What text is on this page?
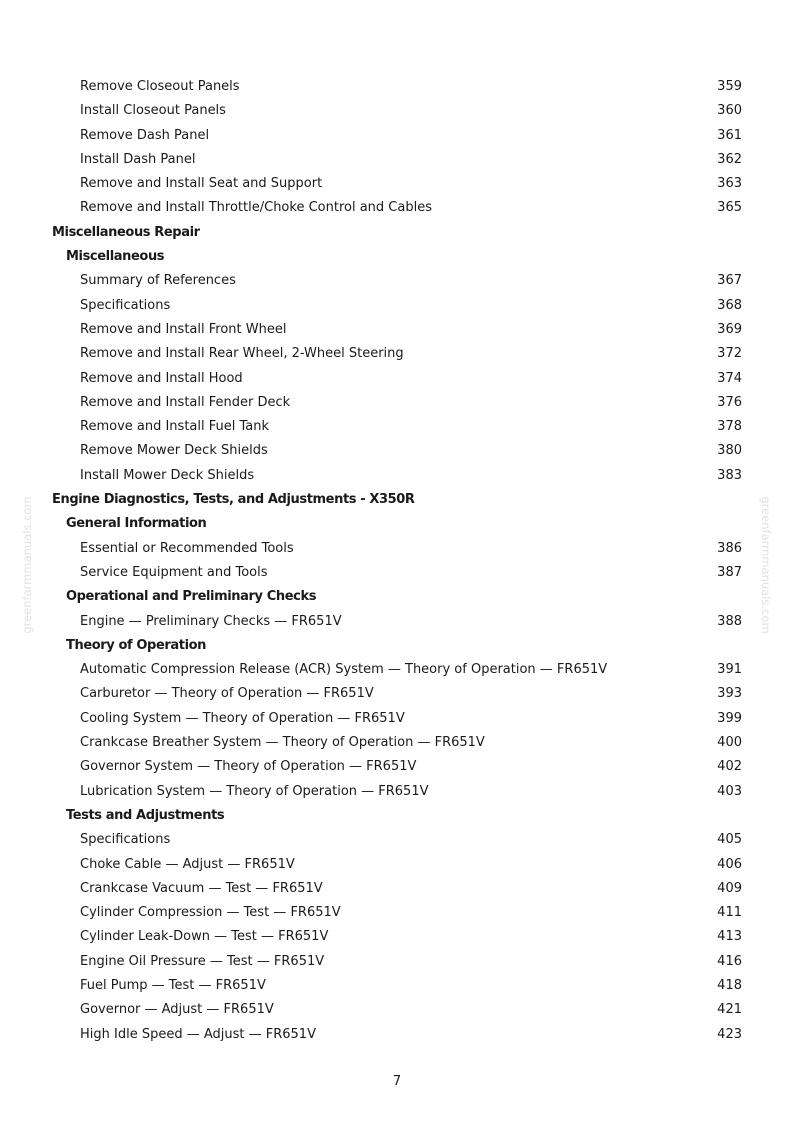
greenfarmmanuals.com	greenfarmmanuals.com
Remove Closeout Panels	359
Install Closeout Panels	360
Remove Dash Panel	361
Install Dash Panel	362
Remove and Install Seat and Support	363
Remove and Install Throttle/Choke Control and Cables	365
Miscellaneous Repair
Miscellaneous
Summary of References	367
Specifications	368
Remove and Install Front Wheel	369
Remove and Install Rear Wheel, 2-Wheel Steering	372
Remove and Install Hood	374
Remove and Install Fender Deck	376
Remove and Install Fuel Tank	378
Remove Mower Deck Shields	380
Install Mower Deck Shields	383
Engine Diagnostics, Tests, and Adjustments - X350R
General Information
Essential or Recommended Tools	386
Service Equipment and Tools	387
Operational and Preliminary Checks
Engine — Preliminary Checks — FR651V	388
Theory of Operation
Automatic Compression Release (ACR) System — Theory of Operation — FR651V	391
Carburetor — Theory of Operation — FR651V	393
Cooling System — Theory of Operation — FR651V	399
Crankcase Breather System — Theory of Operation — FR651V	400
Governor System — Theory of Operation — FR651V	402
Lubrication System — Theory of Operation — FR651V	403
Tests and Adjustments
Specifications	405
Choke Cable — Adjust — FR651V	406
Crankcase Vacuum — Test — FR651V	409
Cylinder Compression — Test — FR651V	411
Cylinder Leak-Down — Test — FR651V	413
Engine Oil Pressure — Test — FR651V	416
Fuel Pump — Test — FR651V	418
Governor — Adjust — FR651V	421
High Idle Speed — Adjust — FR651V	423
7
